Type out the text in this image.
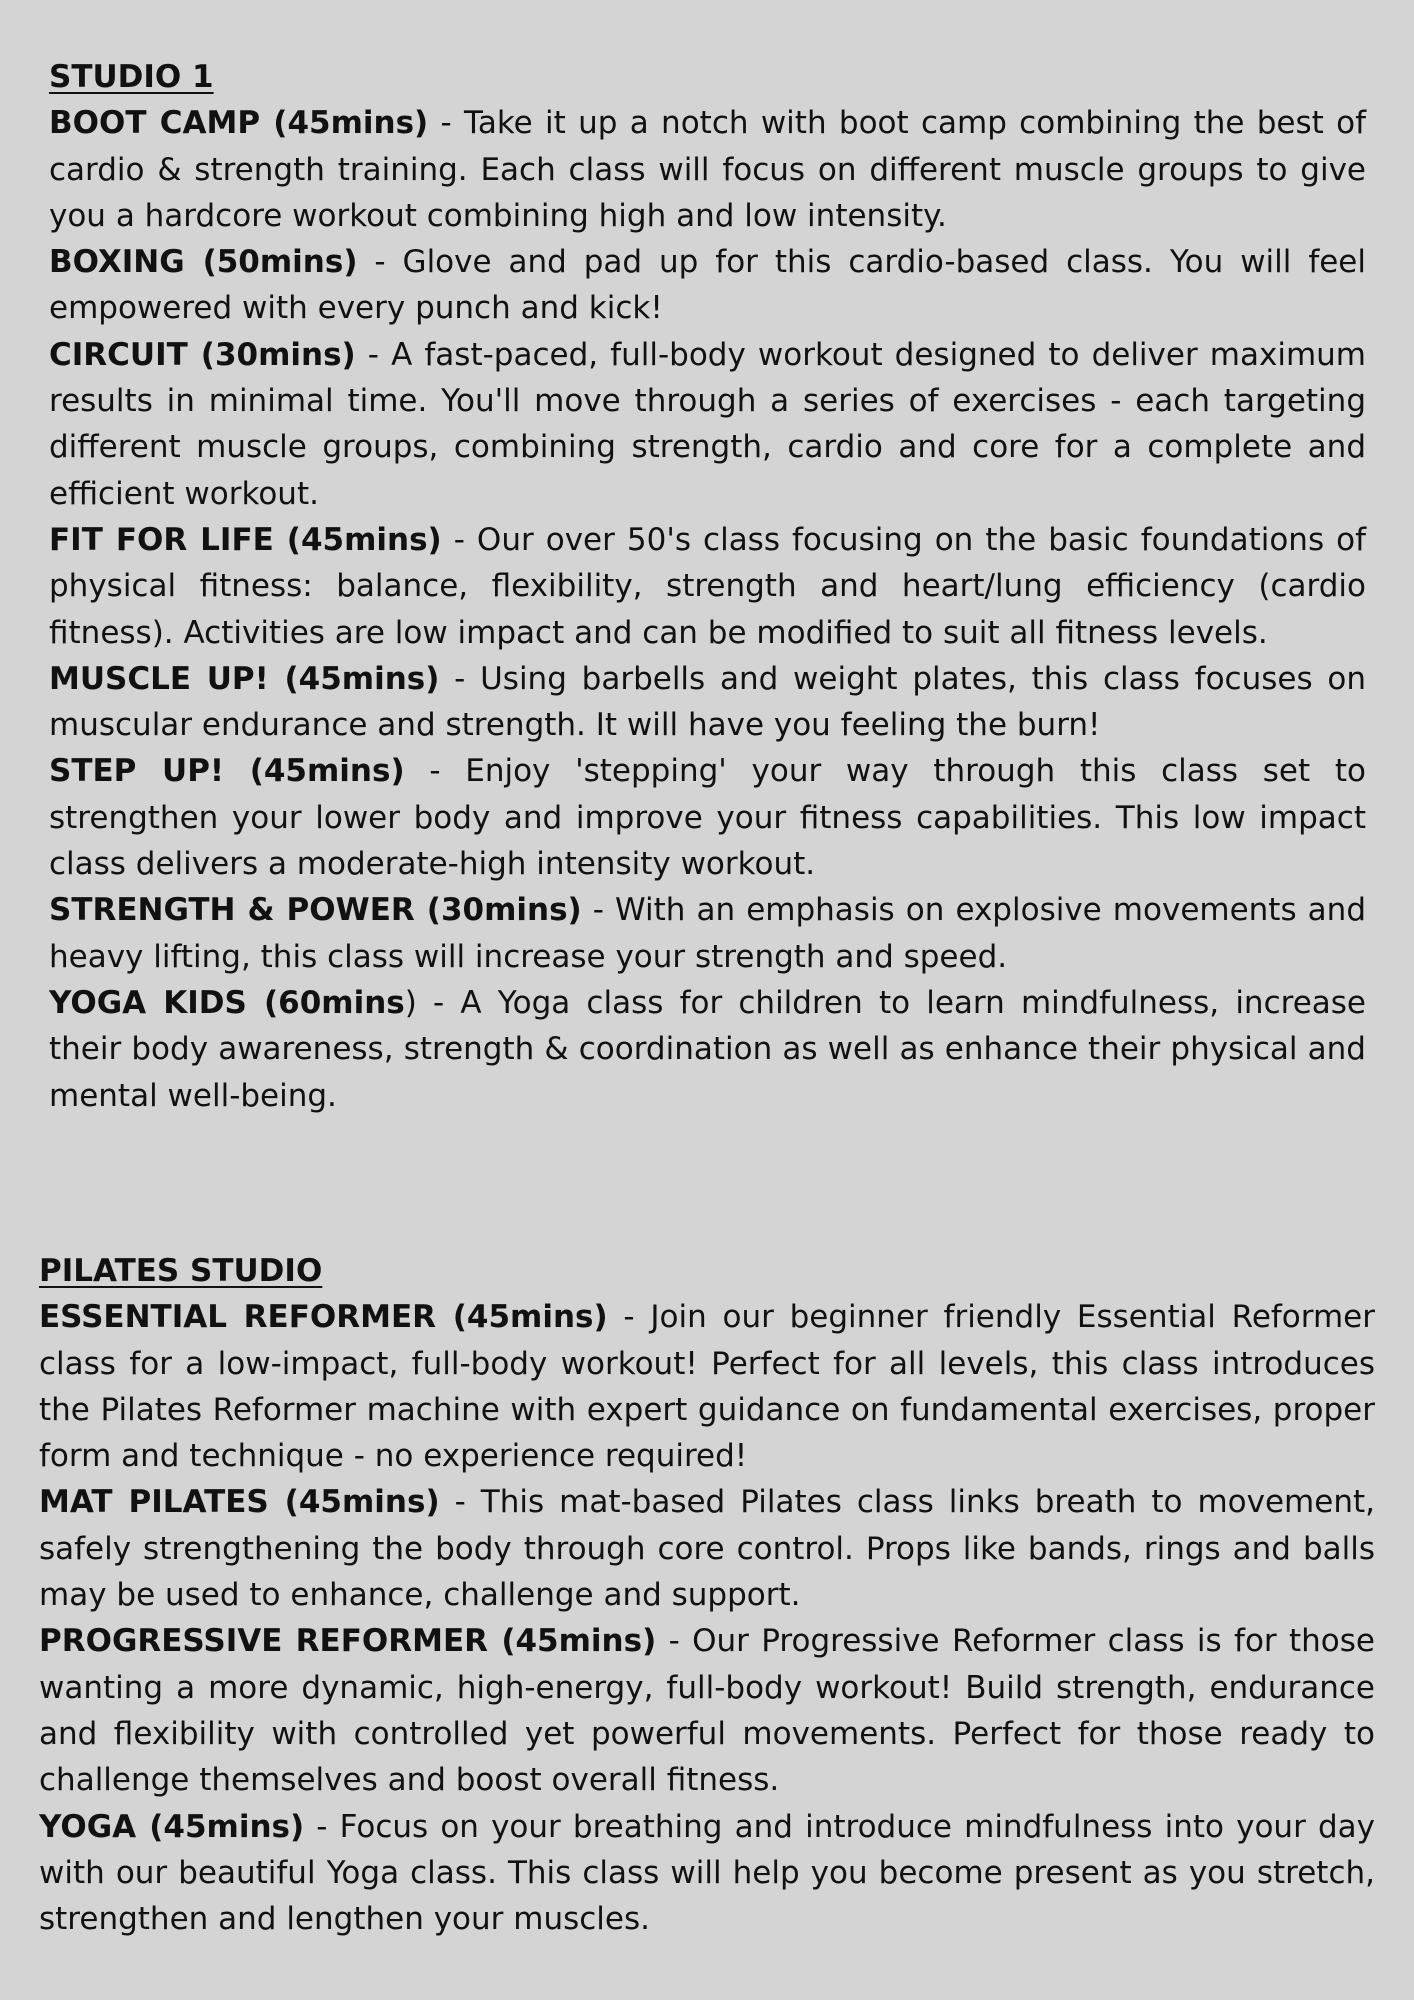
STUDIO 1

BOOT CAMP (45mins) - Take it up a notch with boot camp combining the best of cardio & strength training. Each class will focus on different muscle groups to give you a hardcore workout combining high and low intensity.

BOXING (50mins) - Glove and pad up for this cardio-based class. You will feel empowered with every punch and kick!

CIRCUIT (30mins) - A fast-paced, full-body workout designed to deliver maximum results in minimal time. You'll move through a series of exercises - each targeting different muscle groups, combining strength, cardio and core for a complete and efficient workout.

FIT FOR LIFE (45mins) - Our over 50's class focusing on the basic foundations of physical fitness: balance, flexibility, strength and heart/lung efficiency (cardio fitness). Activities are low impact and can be modified to suit all fitness levels.

MUSCLE UP! (45mins) - Using barbells and weight plates, this class focuses on muscular endurance and strength. It will have you feeling the burn!

STEP UP! (45mins) - Enjoy 'stepping' your way through this class set to strengthen your lower body and improve your fitness capabilities. This low impact class delivers a moderate-high intensity workout.

STRENGTH & POWER (30mins) - With an emphasis on explosive movements and heavy lifting, this class will increase your strength and speed.

YOGA KIDS (60mins) - A Yoga class for children to learn mindfulness, increase their body awareness, strength & coordination as well as enhance their physical and mental well-being.

PILATES STUDIO

ESSENTIAL REFORMER (45mins) - Join our beginner friendly Essential Reformer class for a low-impact, full-body workout! Perfect for all levels, this class introduces the Pilates Reformer machine with expert guidance on fundamental exercises, proper form and technique - no experience required!

MAT PILATES (45mins) - This mat-based Pilates class links breath to movement, safely strengthening the body through core control. Props like bands, rings and balls may be used to enhance, challenge and support.

PROGRESSIVE REFORMER (45mins) - Our Progressive Reformer class is for those wanting a more dynamic, high-energy, full-body workout! Build strength, endurance and flexibility with controlled yet powerful movements. Perfect for those ready to challenge themselves and boost overall fitness.

YOGA (45mins) - Focus on your breathing and introduce mindfulness into your day with our beautiful Yoga class. This class will help you become present as you stretch, strengthen and lengthen your muscles.
